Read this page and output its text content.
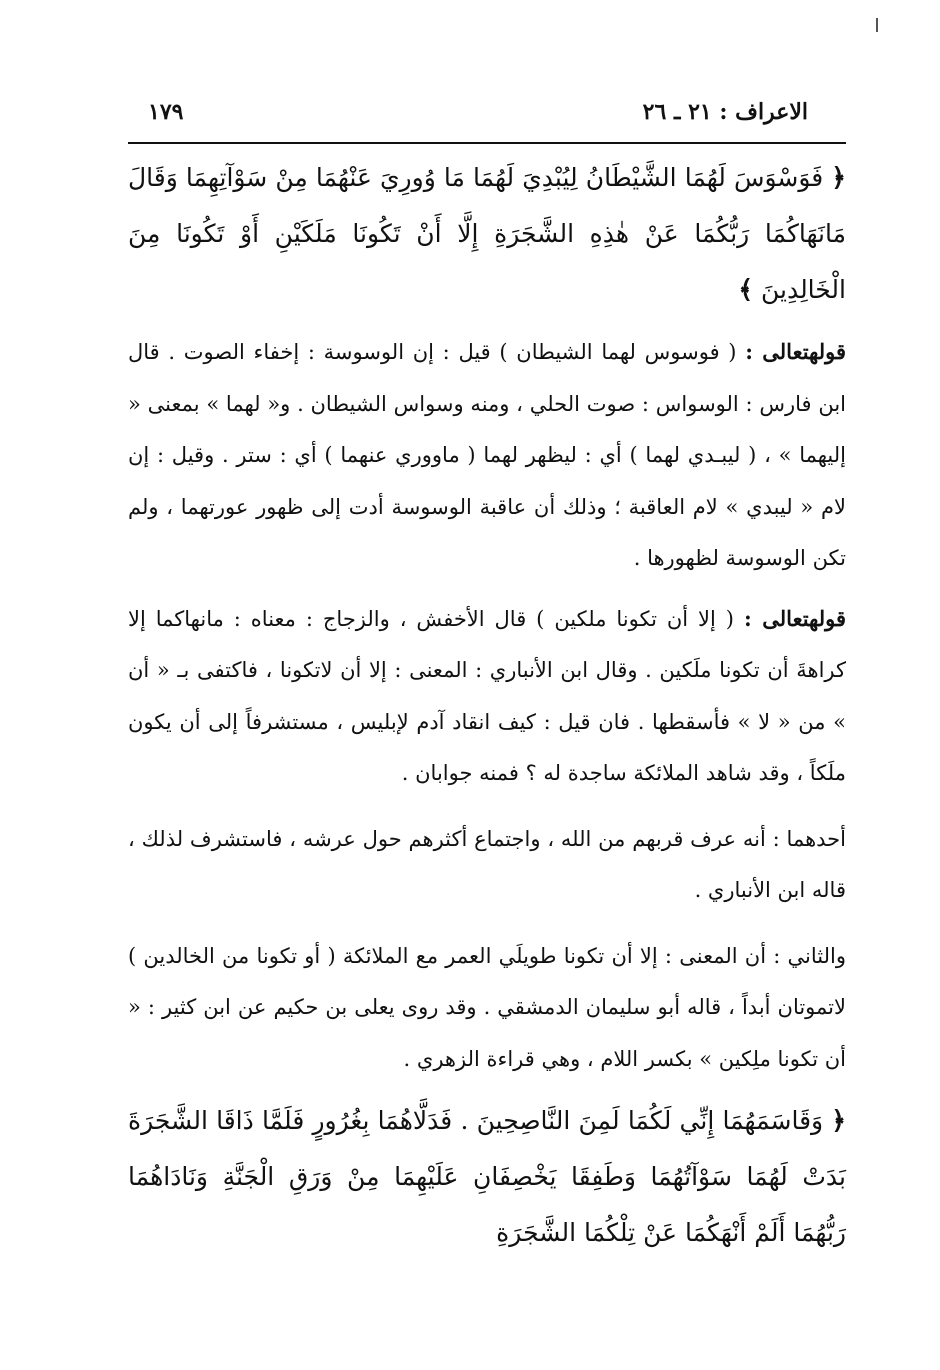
الاعراف : ٢١ ـ ٢٦
١٧٩

﴿ فَوَسْوَسَ لَهُمَا الشَّيْطَانُ لِيُبْدِيَ لَهُمَا مَا وُورِيَ عَنْهُمَا مِنْ سَوْآتِهِمَا وَقَالَ مَانَهَاكُمَا رَبُّكُمَا عَنْ هٰذِهِ الشَّجَرَةِ إِلَّا أَنْ تَكُونَا مَلَكَيْنِ أَوْ تَكُونَا مِنَ الْخَالِدِينَ ﴾

قولهتعالى : ( فوسوس لهما الشيطان ) قيل : إن الوسوسة : إخفاء الصوت . قال ابن فارس : الوسواس : صوت الحلي ، ومنه وسواس الشيطان . و« لهما » بمعنى « إليهما » ، ( ليبـدي لهما ) أي : ليظهر لهما ( ماووري عنهما ) أي : ستر . وقيل : إن لام « ليبدي » لام العاقبة ؛ وذلك أن عاقبة الوسوسة أدت إلى ظهور عورتهما ، ولم تكن الوسوسة لظهورها .

قولهتعالى : ( إلا أن تكونا ملكين ) قال الأخفش ، والزجاج : معناه : مانهاكما إلا كراهةَ أن تكونا ملَكين . وقال ابن الأنباري : المعنى : إلا أن لاتكونا ، فاكتفى بـ « أن » من « لا » فأسقطها . فان قيل : كيف انقاد آدم لإبليس ، مستشرفاً إلى أن يكون ملَكاً ، وقد شاهد الملائكة ساجدة له ؟ فمنه جوابان .

أحدهما : أنه عرف قربهم من الله ، واجتماع أكثرهم حول عرشه ، فاستشرف لذلك ، قاله ابن الأنباري .

والثاني : أن المعنى : إلا أن تكونا طويلَي العمر مع الملائكة ( أو تكونا من الخالدين ) لاتموتان أبداً ، قاله أبو سليمان الدمشقي . وقد روى يعلى بن حكيم عن ابن كثير : « أن تكونا ملِكين » بكسر اللام ، وهي قراءة الزهري .

﴿ وَقَاسَمَهُمَا إِنِّي لَكُمَا لَمِنَ النَّاصِحِينَ . فَدَلَّاهُمَا بِغُرُورٍ فَلَمَّا ذَاقَا الشَّجَرَةَ بَدَتْ لَهُمَا سَوْآتُهُمَا وَطَفِقَا يَخْصِفَانِ عَلَيْهِمَا مِنْ وَرَقِ الْجَنَّةِ وَنَادَاهُمَا رَبُّهُمَا أَلَمْ أَنْهَكُمَا عَنْ تِلْكُمَا الشَّجَرَةِ
